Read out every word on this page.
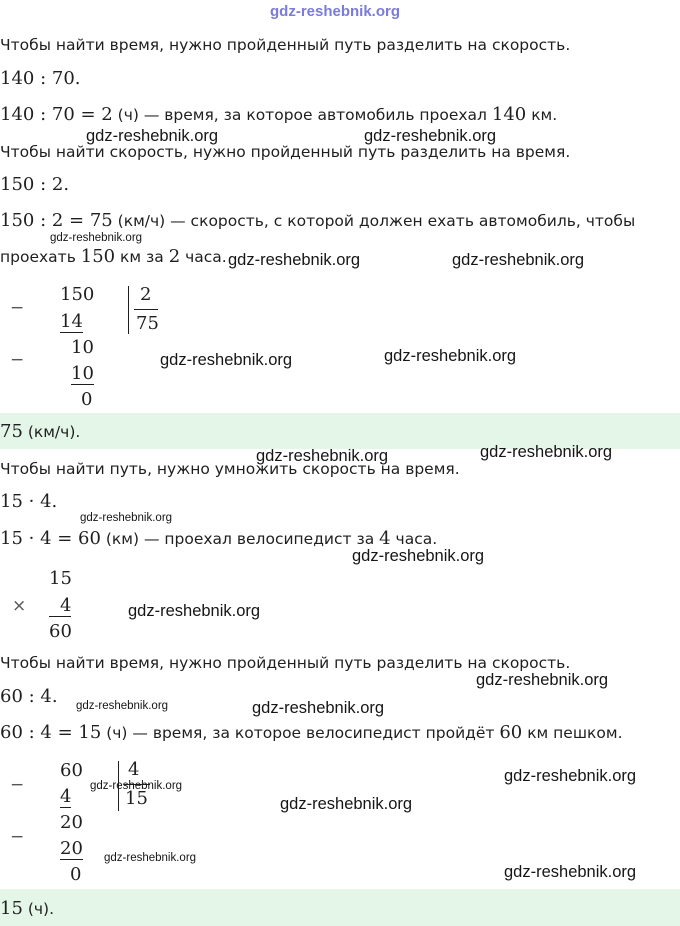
gdz-reshebnik.org
Чтобы найти время, нужно пройденный путь разделить на скорость.
140 : 70.
140 : 70 = 2 (ч) — время, за которое автомобиль проехал 140 км.
gdz-reshebnik.org	gdz-reshebnik.org
Чтобы найти скорость, нужно пройденный путь разделить на время.
150 : 2.
150 : 2 = 75 (км/ч) — скорость, с которой должен ехать автомобиль, чтобы
gdz-reshebnik.org
проехать 150 км за 2 часа. gdz-reshebnik.org	gdz-reshebnik.org
−
150
14
2
75
−
10
10
0
gdz-reshebnik.org	gdz-reshebnik.org
75 (км/ч).
gdz-reshebnik.org	gdz-reshebnik.org
Чтобы найти путь, нужно умножить скорость на время.
15 · 4.
gdz-reshebnik.org
15 · 4 = 60 (км) — проехал велосипедист за 4 часа.
gdz-reshebnik.org
15
×	4
60
gdz-reshebnik.org
Чтобы найти время, нужно пройденный путь разделить на скорость.
gdz-reshebnik.org
60 : 4. gdz-reshebnik.org	gdz-reshebnik.org
60 : 4 = 15 (ч) — время, за которое велосипедист пройдёт 60 км пешком.
−
60
4
4
15
−
20
20
0
gdz-reshebnik.org
gdz-reshebnik.org
gdz-reshebnik.org
gdz-reshebnik.org
gdz-reshebnik.org
15 (ч).
